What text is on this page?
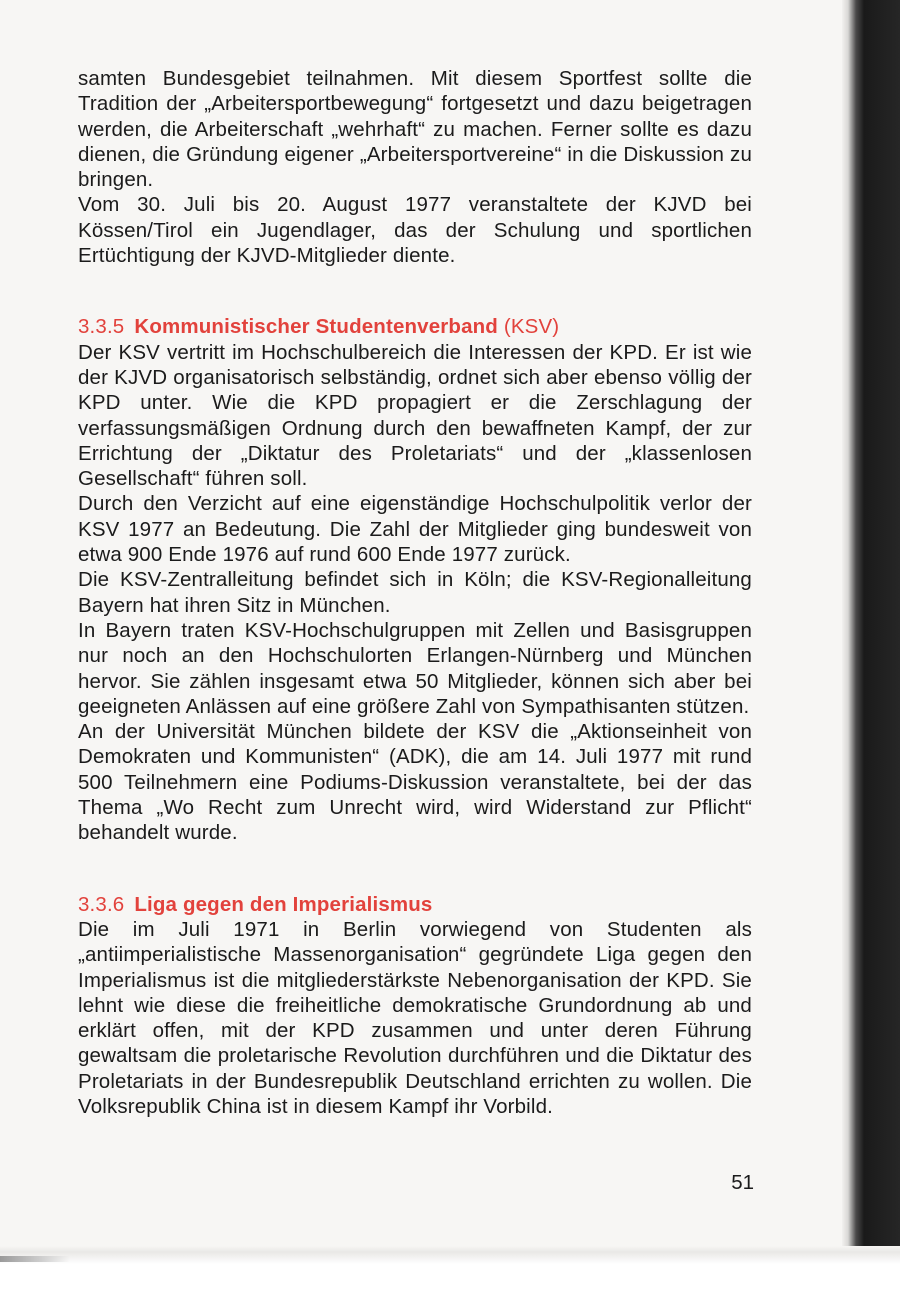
samten Bundesgebiet teilnahmen. Mit diesem Sportfest sollte die Tradition der „Arbeitersportbewegung“ fortgesetzt und dazu beigetragen werden, die Arbeiterschaft „wehrhaft“ zu machen. Ferner sollte es dazu dienen, die Gründung eigener „Arbeitersportvereine“ in die Diskussion zu bringen.

Vom 30. Juli bis 20. August 1977 veranstaltete der KJVD bei Kössen/Tirol ein Jugendlager, das der Schulung und sportlichen Ertüchtigung der KJVD-Mitglieder diente.

3.3.5 Kommunistischer Studentenverband (KSV)

Der KSV vertritt im Hochschulbereich die Interessen der KPD. Er ist wie der KJVD organisatorisch selbständig, ordnet sich aber ebenso völlig der KPD unter. Wie die KPD propagiert er die Zerschlagung der verfassungsmäßigen Ordnung durch den bewaffneten Kampf, der zur Errichtung der „Diktatur des Proletariats“ und der „klassenlosen Gesellschaft“ führen soll.

Durch den Verzicht auf eine eigenständige Hochschulpolitik verlor der KSV 1977 an Bedeutung. Die Zahl der Mitglieder ging bundesweit von etwa 900 Ende 1976 auf rund 600 Ende 1977 zurück.

Die KSV-Zentralleitung befindet sich in Köln; die KSV-Regionalleitung Bayern hat ihren Sitz in München.

In Bayern traten KSV-Hochschulgruppen mit Zellen und Basisgruppen nur noch an den Hochschulorten Erlangen-Nürnberg und München hervor. Sie zählen insgesamt etwa 50 Mitglieder, können sich aber bei geeigneten Anlässen auf eine größere Zahl von Sympathisanten stützen.

An der Universität München bildete der KSV die „Aktionseinheit von Demokraten und Kommunisten“ (ADK), die am 14. Juli 1977 mit rund 500 Teilnehmern eine Podiums-Diskussion veranstaltete, bei der das Thema „Wo Recht zum Unrecht wird, wird Widerstand zur Pflicht“ behandelt wurde.

3.3.6 Liga gegen den Imperialismus

Die im Juli 1971 in Berlin vorwiegend von Studenten als „antiimperialistische Massenorganisation“ gegründete Liga gegen den Imperialismus ist die mitgliederstärkste Nebenorganisation der KPD. Sie lehnt wie diese die freiheitliche demokratische Grundordnung ab und erklärt offen, mit der KPD zusammen und unter deren Führung gewaltsam die proletarische Revolution durchführen und die Diktatur des Proletariats in der Bundesrepublik Deutschland errichten zu wollen. Die Volksrepublik China ist in diesem Kampf ihr Vorbild.

51
